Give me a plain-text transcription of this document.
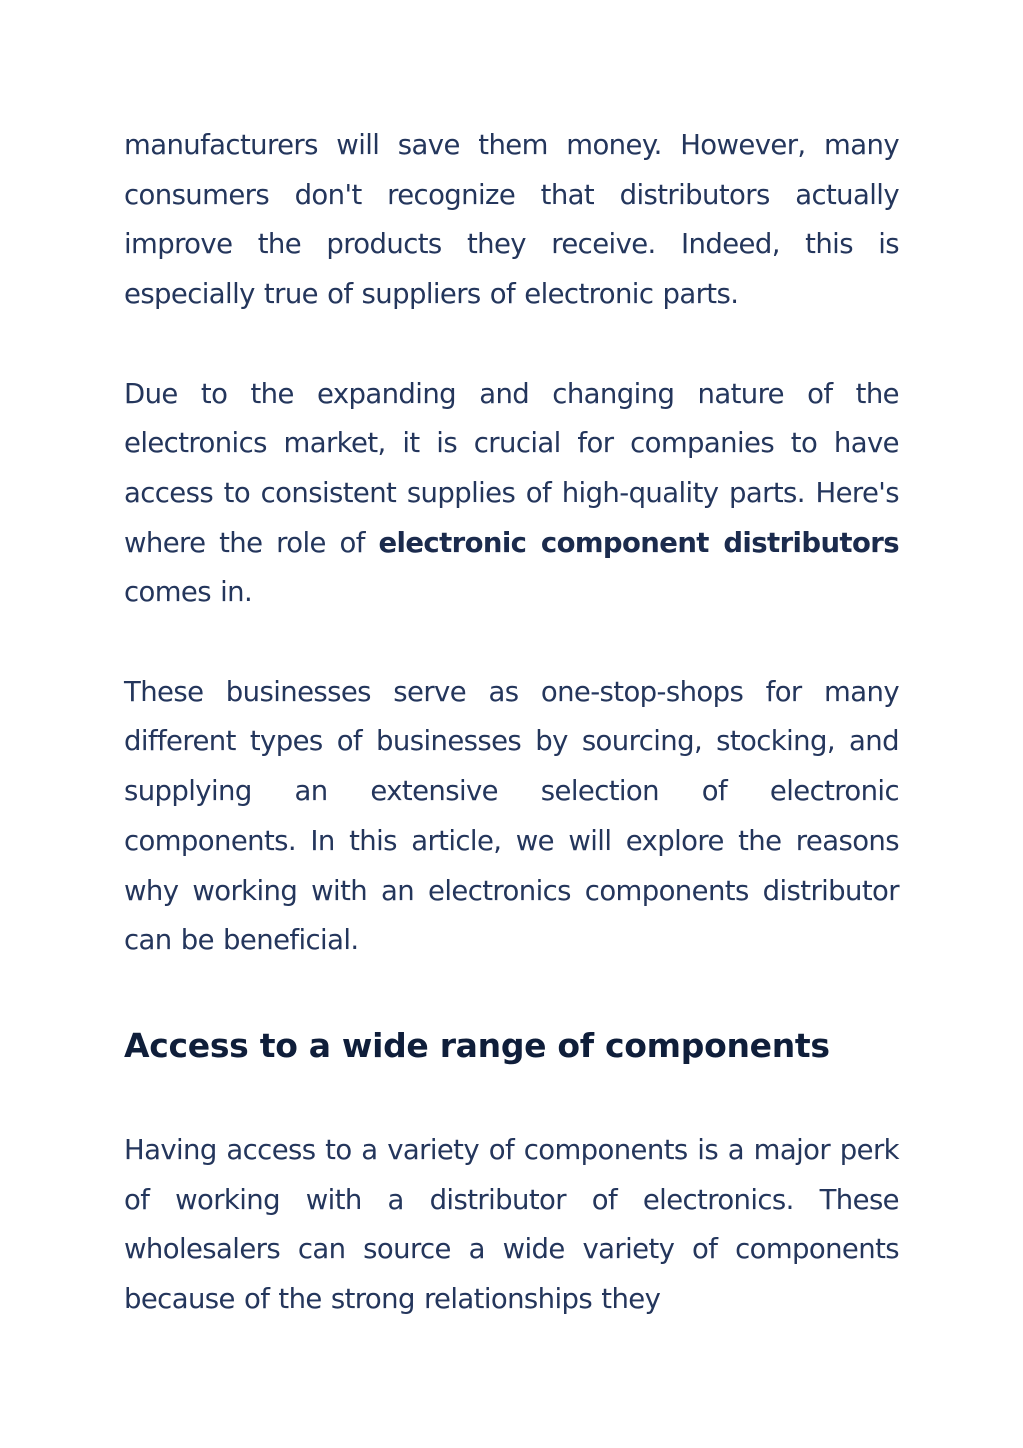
manufacturers will save them money. However, many consumers don't recognize that distributors actually improve the products they receive. Indeed, this is especially true of suppliers of electronic parts.

Due to the expanding and changing nature of the electronics market, it is crucial for companies to have access to consistent supplies of high-quality parts. Here's where the role of electronic component distributors comes in.

These businesses serve as one-stop-shops for many different types of businesses by sourcing, stocking, and supplying an extensive selection of electronic components. In this article, we will explore the reasons why working with an electronics components distributor can be beneficial.

Access to a wide range of components

Having access to a variety of components is a major perk of working with a distributor of electronics. These wholesalers can source a wide variety of components because of the strong relationships they
